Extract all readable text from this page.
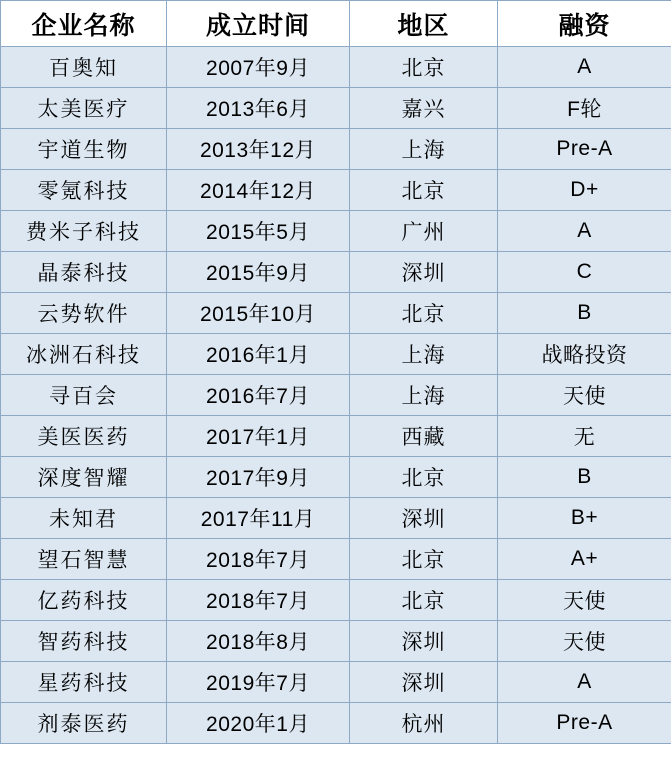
企业名称	成立时间	地区	融资
百奥知	2007年9月	北京	A
太美医疗	2013年6月	嘉兴	F轮
宇道生物	2013年12月	上海	Pre-A
零氪科技	2014年12月	北京	D+
费米子科技	2015年5月	广州	A
晶泰科技	2015年9月	深圳	C
云势软件	2015年10月	北京	B
冰洲石科技	2016年1月	上海	战略投资
寻百会	2016年7月	上海	天使
美医医药	2017年1月	西藏	无
深度智耀	2017年9月	北京	B
未知君	2017年11月	深圳	B+
望石智慧	2018年7月	北京	A+
亿药科技	2018年7月	北京	天使
智药科技	2018年8月	深圳	天使
星药科技	2019年7月	深圳	A
剂泰医药	2020年1月	杭州	Pre-A
